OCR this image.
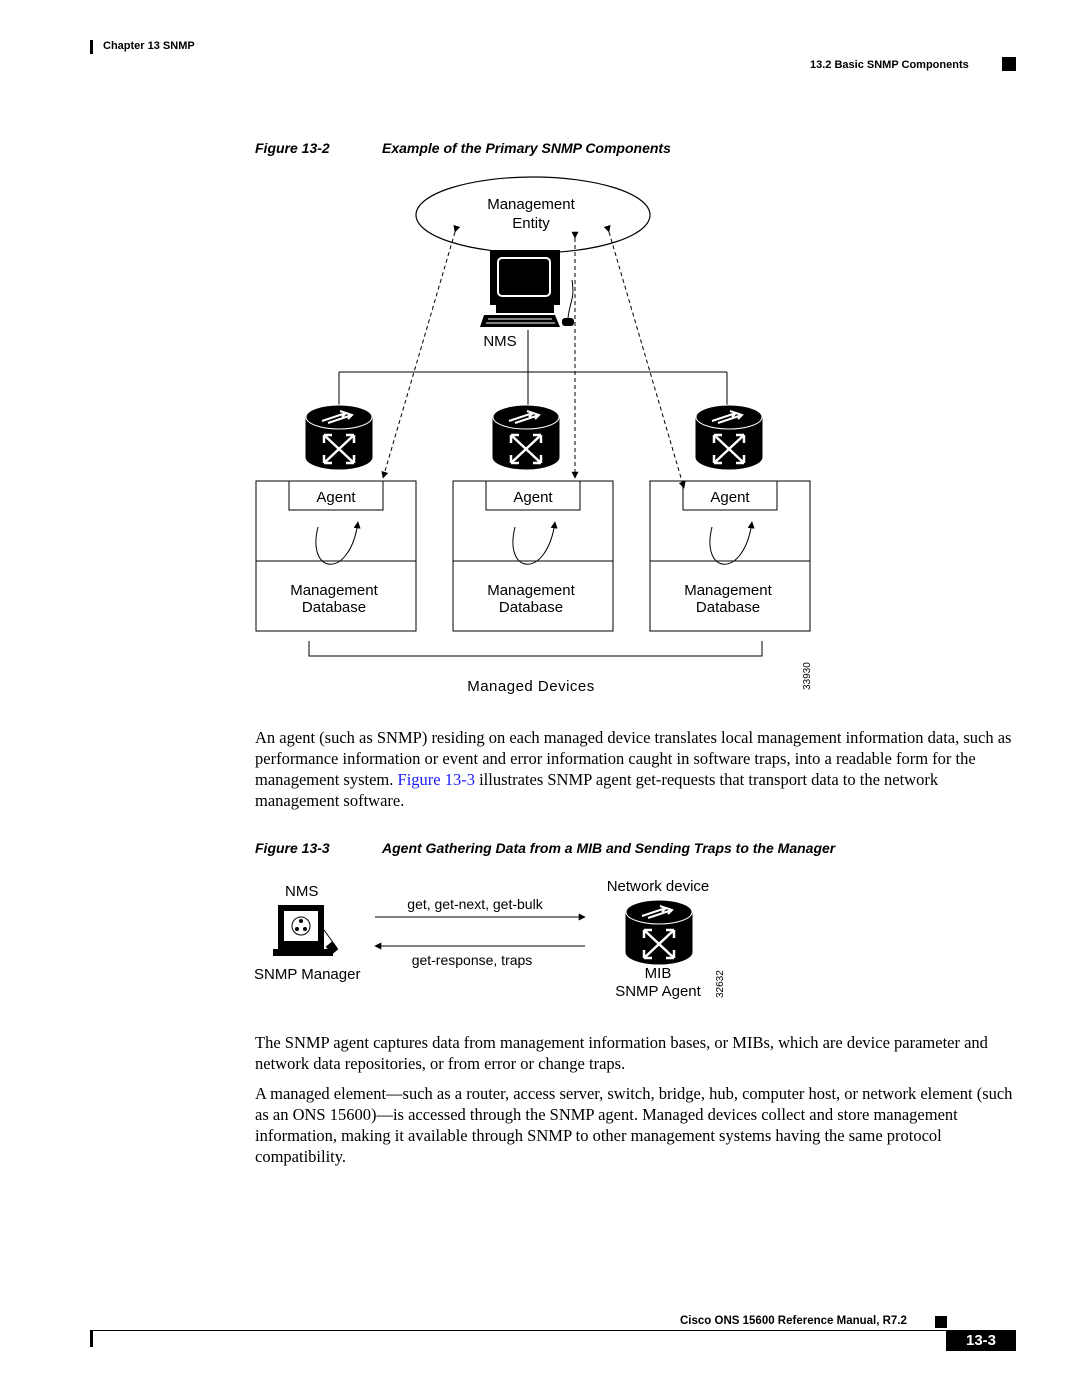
Chapter 13 SNMP
13.2 Basic SNMP Components
Figure 13-2	Example of the Primary SNMP Components
Management
Entity
NMS
Agent
Management
Database
Agent
Management
Database
Agent
Management
Database
Managed Devices	33930

An agent (such as SNMP) residing on each managed device translates local management information data, such as performance information or event and error information caught in software traps, into a readable form for the management system. Figure 13-3 illustrates SNMP agent get-requests that transport data to the network management software.

Figure 13-3	Agent Gathering Data from a MIB and Sending Traps to the Manager
NMS
SNMP Manager
get, get-next, get-bulk
get-response, traps
Network device
MIB
SNMP Agent 32632

The SNMP agent captures data from management information bases, or MIBs, which are device parameter and network data repositories, or from error or change traps.

A managed element—such as a router, access server, switch, bridge, hub, computer host, or network element (such as an ONS 15600)—is accessed through the SNMP agent. Managed devices collect and store management information, making it available through SNMP to other management systems having the same protocol compatibility.

Cisco ONS 15600 Reference Manual, R7.2
13-3
